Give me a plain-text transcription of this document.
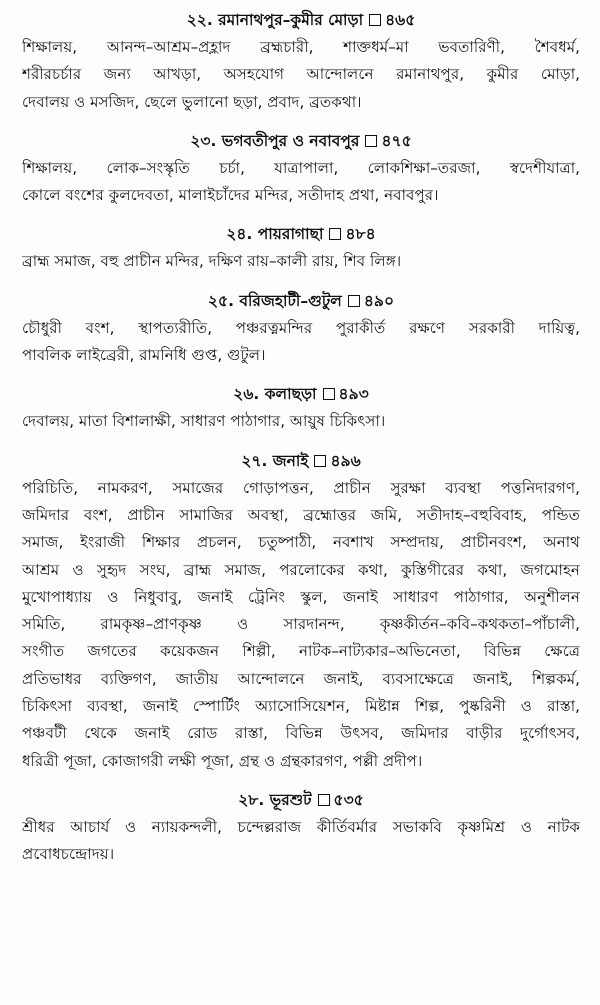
২২. রমানাথপুর–কুমীর মোড়া ৪৬৫
শিক্ষালয়, আনন্দ–আশ্রম–প্রহ্লাদ ব্রহ্মচারী, শাক্তধর্ম–মা ভবতারিণী, শৈবধর্ম,
শরীরচর্চার জন্য আখড়া, অসহযোগ আন্দোলনে রমানাথপুর, কুমীর মোড়া,
দেবালয় ও মসজিদ, ছেলে ভুলানো ছড়া, প্রবাদ, ব্রতকথা।
২৩. ভগবতীপুর ও নবাবপুর ৪৭৫
শিক্ষালয়, লোক–সংস্কৃতি চর্চা, যাত্রাপালা, লোকশিক্ষা–তরজা, স্বদেশীযাত্রা,
কোলে বংশের কুলদেবতা, মালাইচাঁদের মন্দির, সতীদাহ প্রথা, নবাবপুর।
২৪. পায়রাগাছা ৪৮৪
ব্রাহ্ম সমাজ, বহু প্রাচীন মন্দির, দক্ষিণ রায়–কালী রায়, শিব লিঙ্গ।
২৫. বরিজহাটী–গুটুল ৪৯০
চৌধুরী বংশ, স্থাপত্যরীতি, পঞ্চরত্নমন্দির পুরাকীর্ত রক্ষণে সরকারী দায়িত্ব,
পাবলিক লাইব্রেরী, রামনিধি গুপ্ত, গুটুল।
২৬. কলাছড়া ৪৯৩
দেবালয়, মাতা বিশালাক্ষী, সাধারণ পাঠাগার, আয়ুষ চিকিৎসা।
২৭. জনাই ৪৯৬
পরিচিতি, নামকরণ, সমাজের গোড়াপত্তন, প্রাচীন সুরক্ষা ব্যবস্থা পত্তনিদারগণ,
জমিদার বংশ, প্রাচীন সামাজির অবস্থা, ব্রহ্মোত্তর জমি, সতীদাহ–বহুবিবাহ, পন্ডিত
সমাজ, ইংরাজী শিক্ষার প্রচলন, চতুষ্পাঠী, নবশাখ সম্প্রদায়, প্রাচীনবংশ, অনাথ
আশ্রম ও সুহৃদ সংঘ, ব্রাহ্ম সমাজ, পরলোকের কথা, কুস্তিগীরের কথা, জগমোহন
মুখোপাধ্যায় ও নিধুবাবু, জনাই ট্রেনিং স্কুল, জনাই সাধারণ পাঠাগার, অনুশীলন
সমিতি, রামকৃষ্ণ–প্রাণকৃষ্ণ ও সারদানন্দ, কৃষ্ণকীর্তন–কবি–কথকতা–পাঁচালী,
সংগীত জগতের কয়েকজন শিল্পী, নাটক–নাট্যকার–অভিনেতা, বিভিন্ন ক্ষেত্রে
প্রতিভাধর ব্যক্তিগণ, জাতীয় আন্দোলনে জনাই, ব্যবসাক্ষেত্রে জনাই, শিল্পকর্ম,
চিকিৎসা ব্যবস্থা, জনাই স্পোর্টিং অ্যাসোসিয়েশন, মিষ্টান্ন শিল্প, পুষ্করিনী ও রাস্তা,
পঞ্চবটী থেকে জনাই রোড রাস্তা, বিভিন্ন উৎসব, জমিদার বাড়ীর দুর্গোৎসব,
ধরিত্রী পূজা, কোজাগরী লক্ষী পূজা, গ্রন্থ ও গ্রন্থকারগণ, পল্লী প্রদীপ।
২৮. ভূরশুট ৫৩৫
শ্রীধর আচার্য ও ন্যায়কন্দলী, চন্দেল্লরাজ কীর্তিবর্মার সভাকবি কৃষ্ণমিশ্র ও নাটক
প্রবোধচন্দ্রোদয়।
